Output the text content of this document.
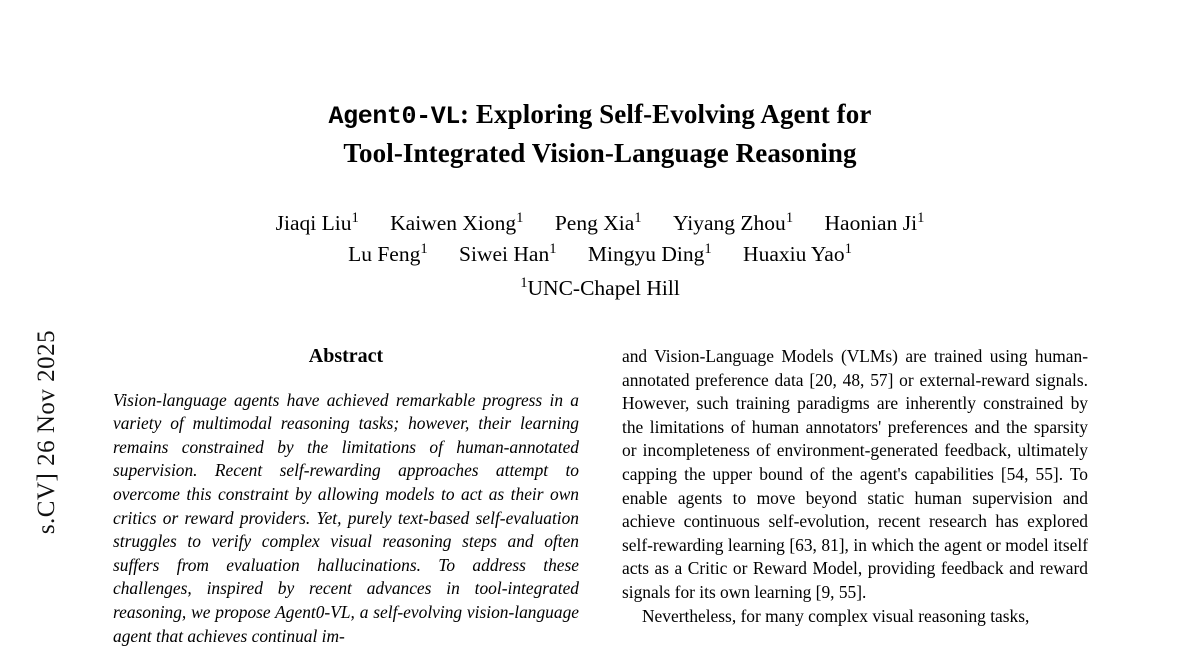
s.CV] 26 Nov 2025
Agent0-VL: Exploring Self-Evolving Agent for
Tool-Integrated Vision-Language Reasoning
Jiaqi Liu$^1$ Kaiwen Xiong$^1$ Peng Xia$^1$ Yiyang Zhou$^1$ Haonian Ji$^1$
Lu Feng$^1$ Siwei Han$^1$ Mingyu Ding$^1$ Huaxiu Yao$^1$
$^1$UNC-Chapel Hill
Abstract
Vision-language agents have achieved remarkable progress in a variety of multimodal reasoning tasks; however, their learning remains constrained by the limitations of human-annotated supervision. Recent self-rewarding approaches attempt to overcome this constraint by allowing models to act as their own critics or reward providers. Yet, purely text-based self-evaluation struggles to verify complex visual reasoning steps and often suffers from evaluation hallucinations. To address these challenges, inspired by recent advances in tool-integrated reasoning, we propose Agent0-VL, a self-evolving vision-language agent that achieves continual im-

and Vision-Language Models (VLMs) are trained using human-annotated preference data [20, 48, 57] or external-reward signals. However, such training paradigms are inherently constrained by the limitations of human annotators' preferences and the sparsity or incompleteness of environment-generated feedback, ultimately capping the upper bound of the agent's capabilities [54, 55]. To enable agents to move beyond static human supervision and achieve continuous self-evolution, recent research has explored self-rewarding learning [63, 81], in which the agent or model itself acts as a Critic or Reward Model, providing feedback and reward signals for its own learning [9, 55].

Nevertheless, for many complex visual reasoning tasks,
